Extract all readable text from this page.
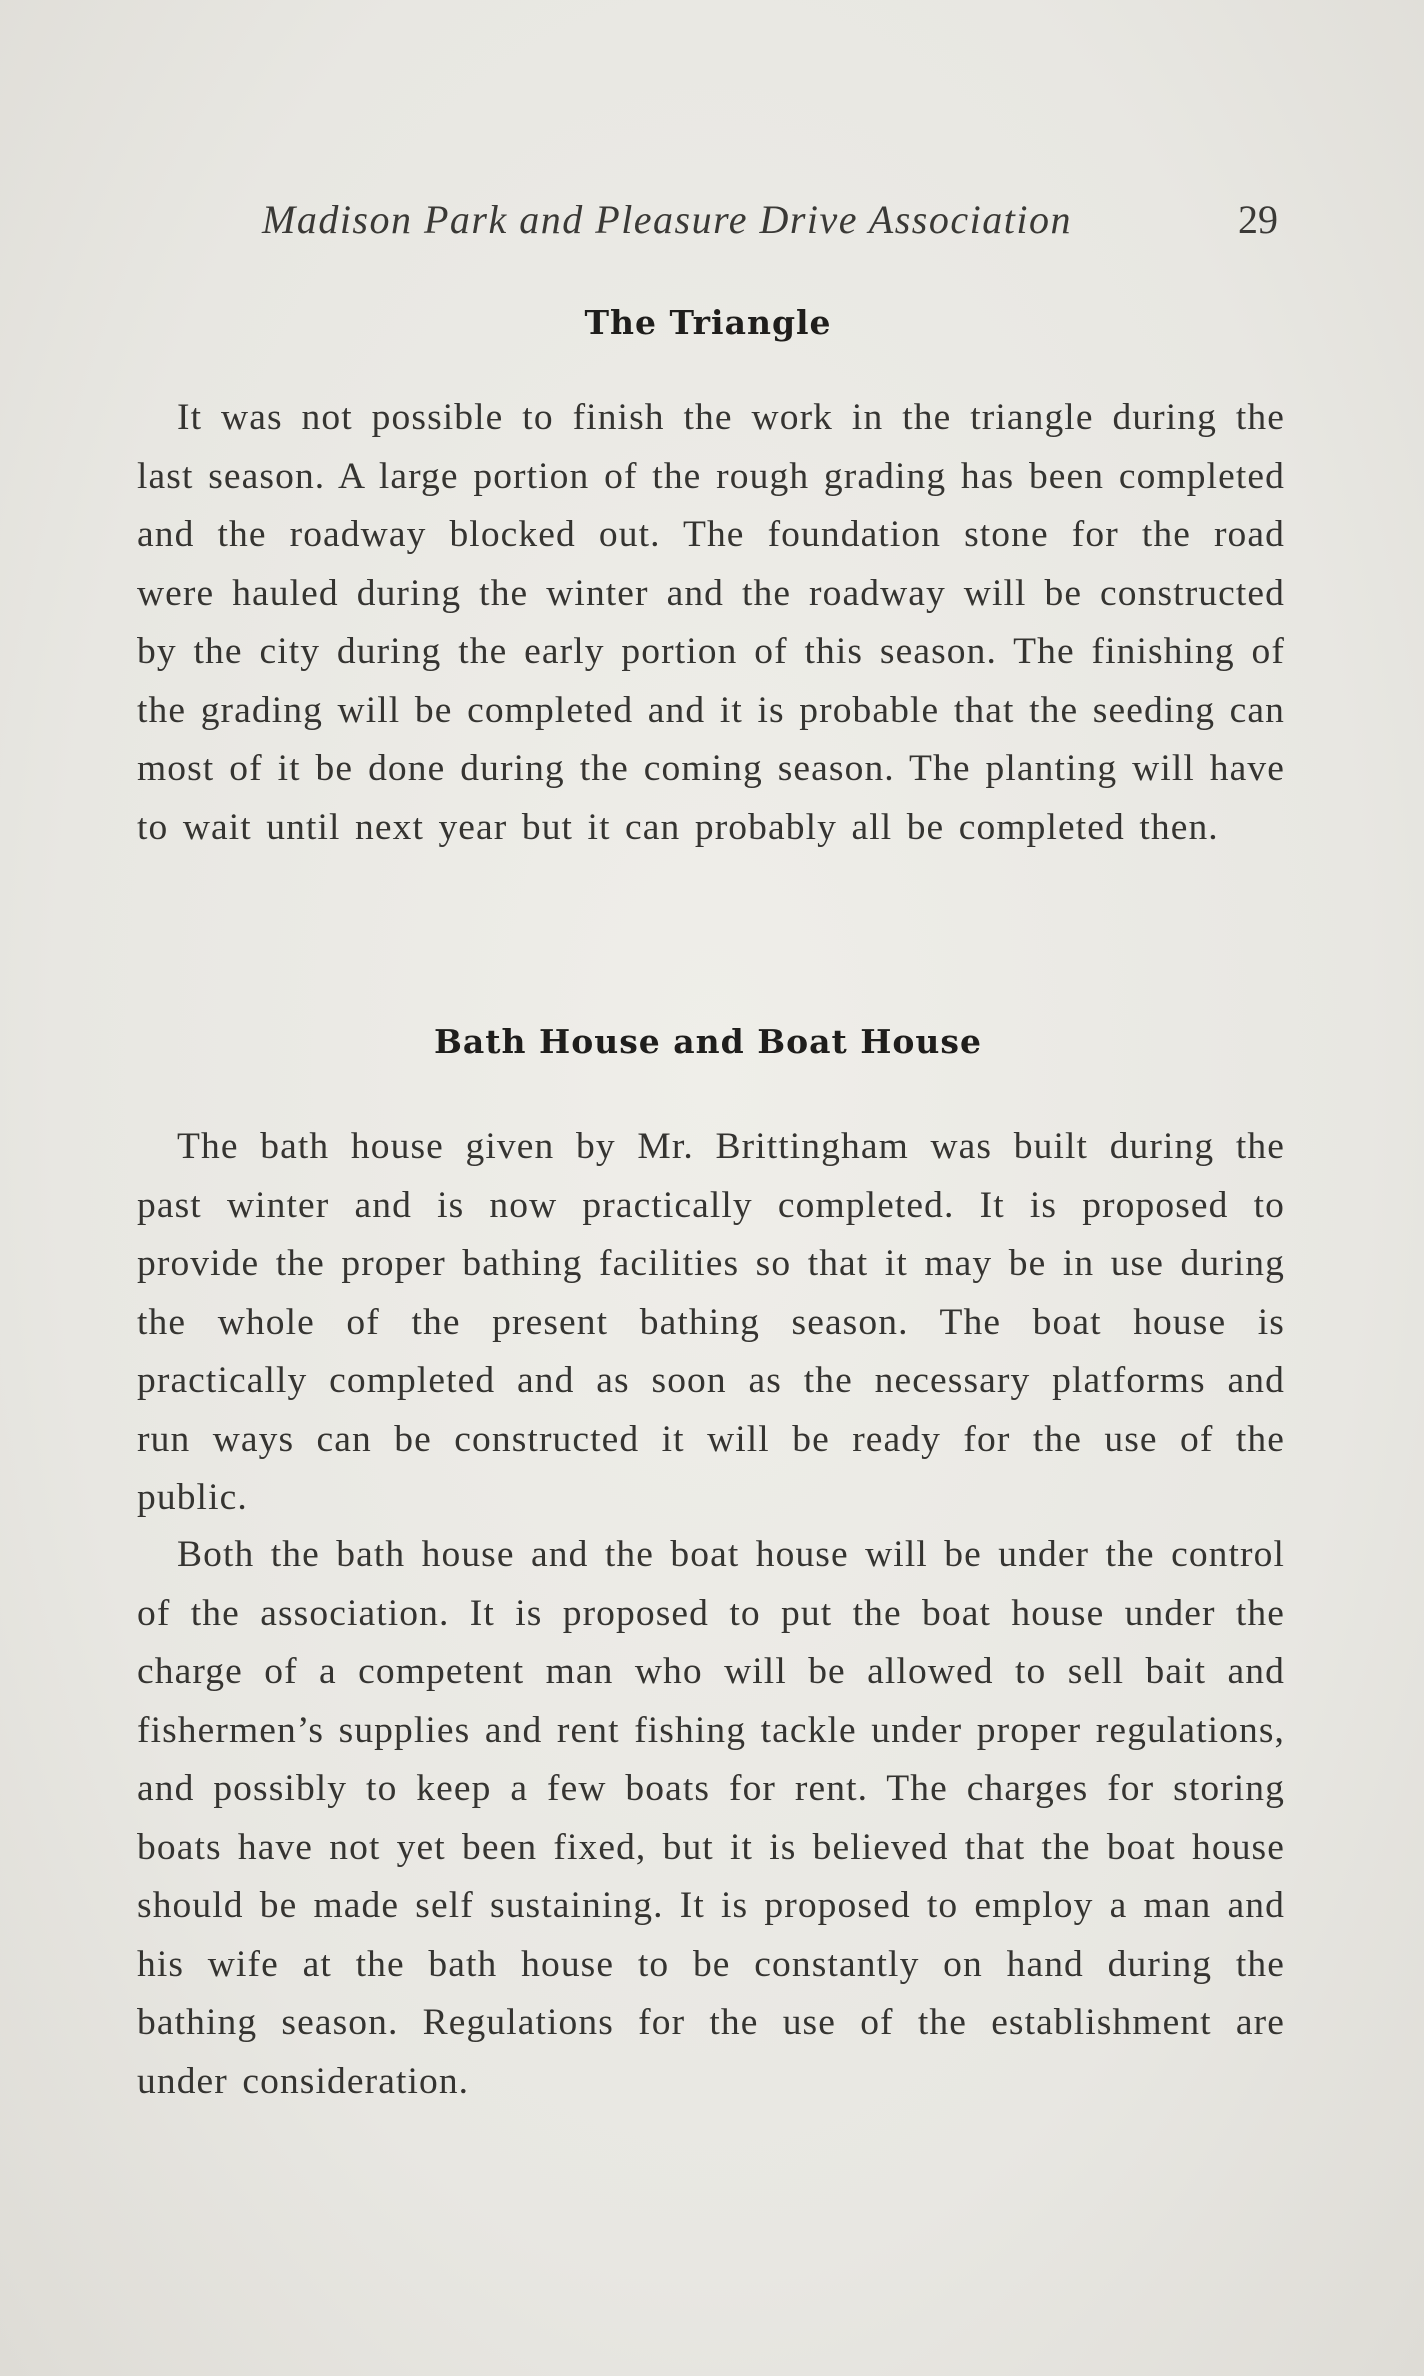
Madison Park and Pleasure Drive Association	29
The Triangle

It was not possible to finish the work in the triangle during the last season. A large portion of the rough grading has been completed and the roadway blocked out. The foundation stone for the road were hauled during the winter and the roadway will be constructed by the city during the early portion of this season. The finishing of the grading will be completed and it is probable that the seeding can most of it be done during the coming season. The planting will have to wait until next year but it can probably all be completed then.

Bath House and Boat House

The bath house given by Mr. Brittingham was built during the past winter and is now practically completed. It is proposed to provide the proper bathing facilities so that it may be in use during the whole of the present bathing season. The boat house is practically completed and as soon as the necessary platforms and run ways can be constructed it will be ready for the use of the public.

Both the bath house and the boat house will be under the control of the association. It is proposed to put the boat house under the charge of a competent man who will be allowed to sell bait and fishermen’s supplies and rent fishing tackle under proper regulations, and possibly to keep a few boats for rent. The charges for storing boats have not yet been fixed, but it is believed that the boat house should be made self sustaining. It is proposed to employ a man and his wife at the bath house to be constantly on hand during the bathing season. Regulations for the use of the establishment are under consideration.
